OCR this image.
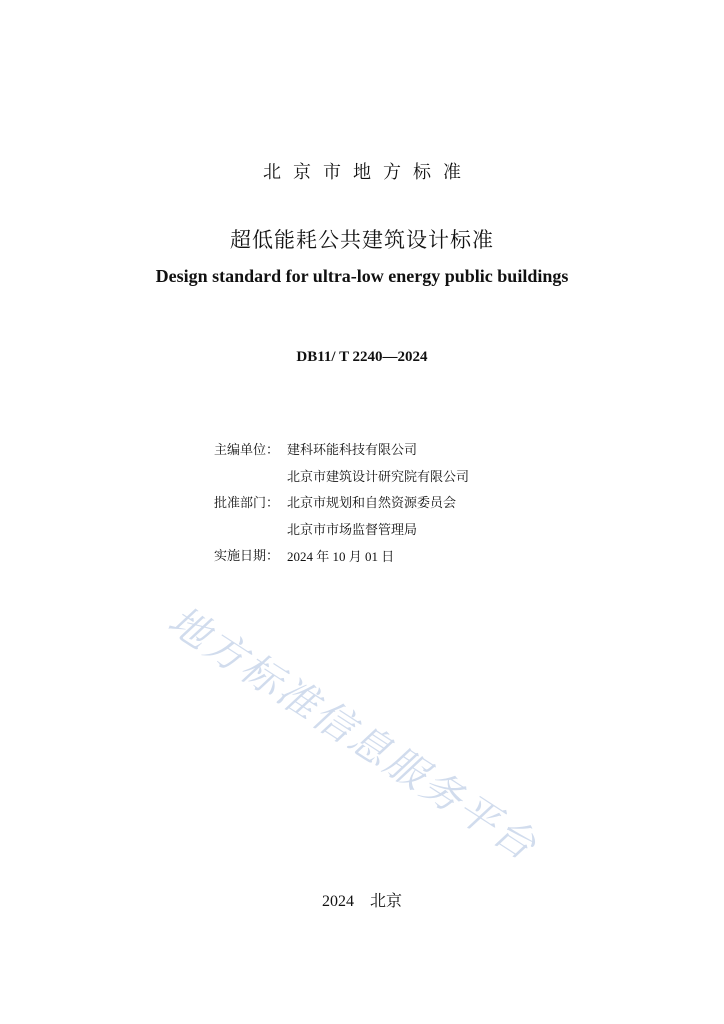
北京市地方标准
超低能耗公共建筑设计标准
Design standard for ultra-low energy public buildings
DB11/ T 2240—2024
主编单位： 建科环能科技有限公司
北京市建筑设计研究院有限公司
批准部门： 北京市规划和自然资源委员会
北京市市场监督管理局
实施日期： 2024 年 10 月 01 日
地方标准信息服务平台
2024 北京
